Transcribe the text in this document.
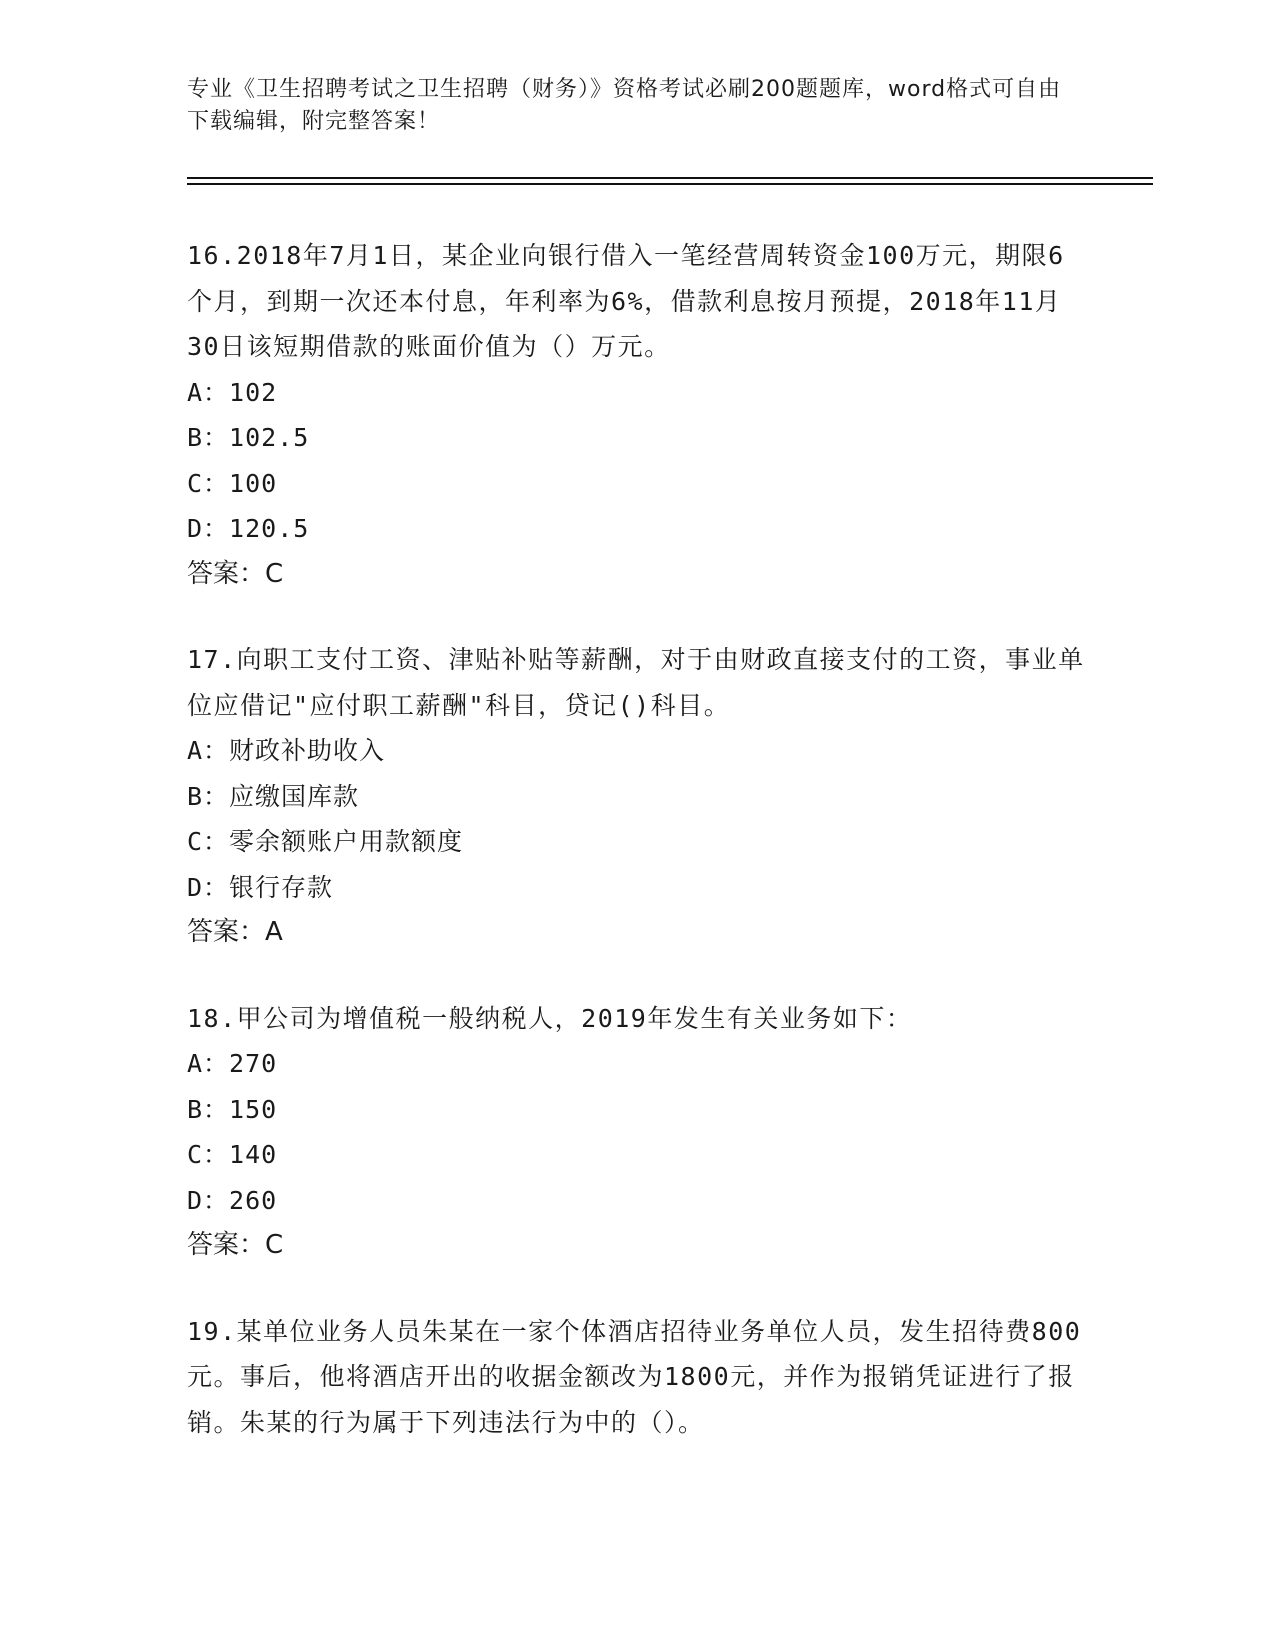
专业《卫生招聘考试之卫生招聘（财务）》资格考试必刷200题题库，word格式可自由下载编辑，附完整答案！

16.2018年7月1日，某企业向银行借入一笔经营周转资金100万元，期限6个月，到期一次还本付息，年利率为6%，借款利息按月预提，2018年11月30日该短期借款的账面价值为（）万元。

A：102

B：102.5

C：100

D：120.5

答案：C

17.向职工支付工资、津贴补贴等薪酬，对于由财政直接支付的工资，事业单位应借记"应付职工薪酬"科目，贷记()科目。

A：财政补助收入

B：应缴国库款

C：零余额账户用款额度

D：银行存款

答案：A

18.甲公司为增值税一般纳税人，2019年发生有关业务如下：

A：270

B：150

C：140

D：260

答案：C

19.某单位业务人员朱某在一家个体酒店招待业务单位人员，发生招待费800元。事后，他将酒店开出的收据金额改为1800元，并作为报销凭证进行了报销。朱某的行为属于下列违法行为中的（）。
